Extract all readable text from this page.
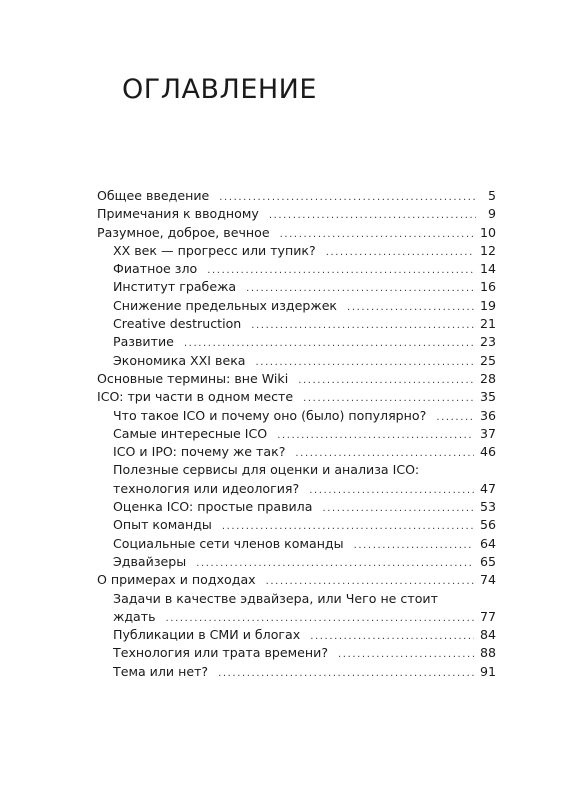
ОГЛАВЛЕНИЕ
Общее введение .....	5
Примечания к вводному .....	9
Разумное, доброе, вечное .....	10
XX век — прогресс или тупик? .....	12
Фиатное зло .....	14
Институт грабежа .....	16
Снижение предельных издержек .....	19
Creative destruction .....	21
Развитие .....	23
Экономика XXI века .....	25
Основные термины: вне Wiki .....	28
ICO: три части в одном месте .....	35
Что такое ICO и почему оно (было) популярно? .....	36
Самые интересные ICO .....	37
ICO и IPO: почему же так? .....	46
Полезные сервисы для оценки и анализа ICO:
технология или идеология? .....	47
Оценка ICO: простые правила .....	53
Опыт команды .....	56
Социальные сети членов команды .....	64
Эдвайзеры .....	65
О примерах и подходах .....	74
Задачи в качестве эдвайзера, или Чего не стоит
ждать .....	77
Публикации в СМИ и блогах .....	84
Технология или трата времени? .....	88
Тема или нет? .....	91
